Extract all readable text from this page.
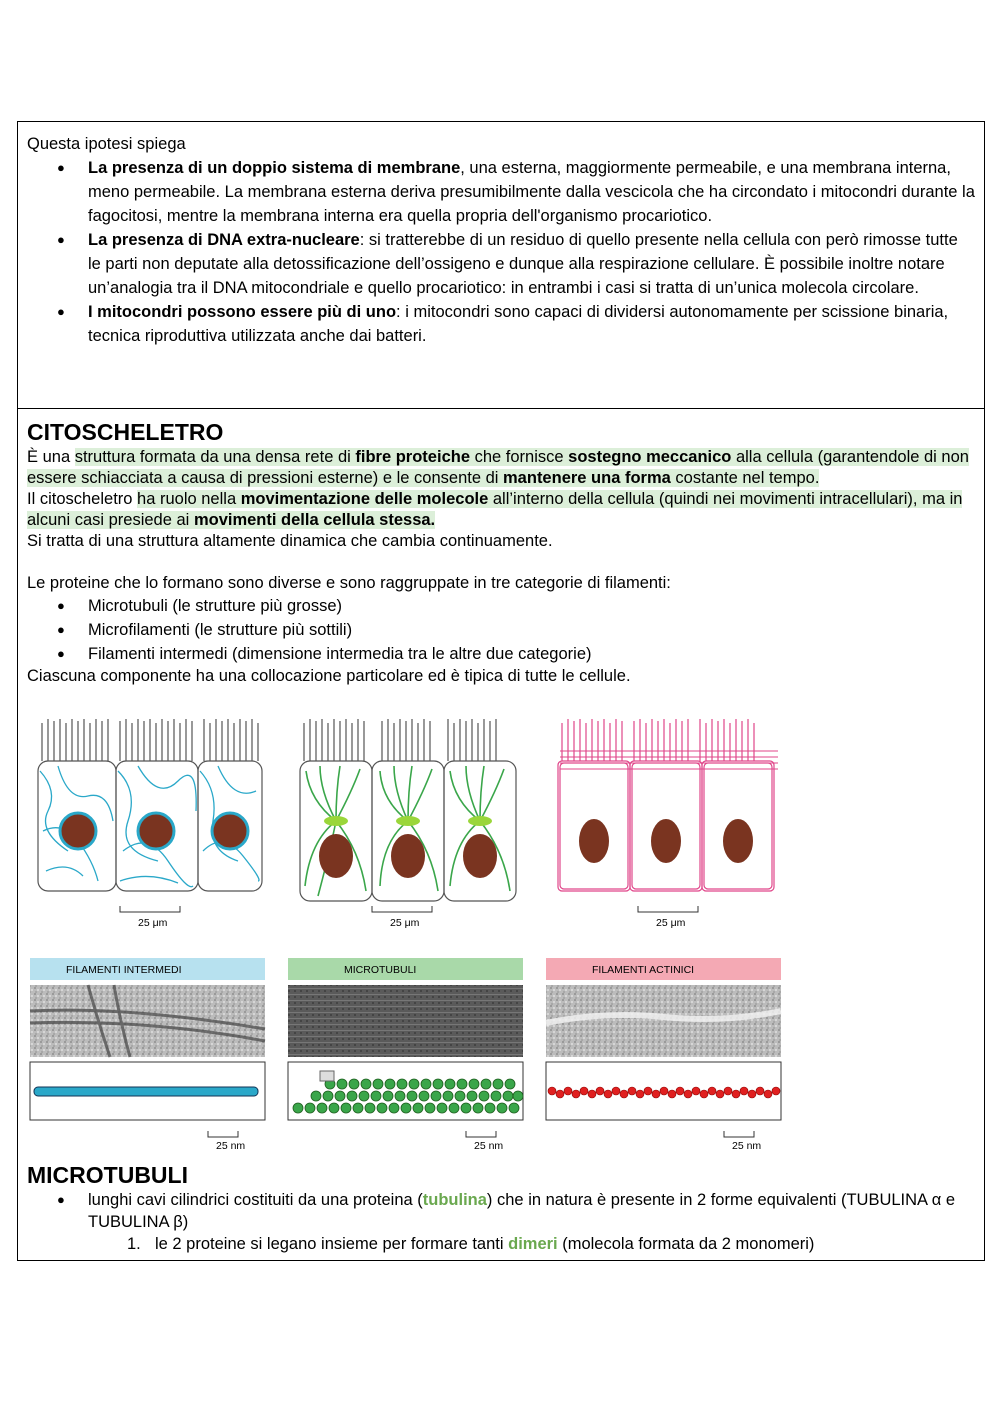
Questa ipotesi spiega

● La presenza di un doppio sistema di membrane, una esterna, maggiormente permeabile, e una membrana interna, meno permeabile. La membrana esterna deriva presumibilmente dalla vescicola che ha circondato i mitocondri durante la fagocitosi, mentre la membrana interna era quella propria dell'organismo procariotico.
● La presenza di DNA extra-nucleare: si tratterebbe di un residuo di quello presente nella cellula con però rimosse tutte le parti non deputate alla detossificazione dell’ossigeno e dunque alla respirazione cellulare. È possibile inoltre notare un’analogia tra il DNA mitocondriale e quello procariotico: in entrambi i casi si tratta di un’unica molecola circolare.
● I mitocondri possono essere più di uno: i mitocondri sono capaci di dividersi autonomamente per scissione binaria, tecnica riproduttiva utilizzata anche dai batteri.
CITOSCHELETRO

È una struttura formata da una densa rete di fibre proteiche che fornisce sostegno meccanico alla cellula (garantendole di non essere schiacciata a causa di pressioni esterne) e le consente di mantenere una forma costante nel tempo.

Il citoscheletro ha ruolo nella movimentazione delle molecole all’interno della cellula (quindi nei movimenti intracellulari), ma in alcuni casi presiede ai movimenti della cellula stessa.

Si tratta di una struttura altamente dinamica che cambia continuamente.

Le proteine che lo formano sono diverse e sono raggruppate in tre categorie di filamenti:

● Microtubuli (le strutture più grosse)
● Microfilamenti (le strutture più sottili)
● Filamenti intermedi (dimensione intermedia tra le altre due categorie)

Ciascuna componente ha una collocazione particolare ed è tipica di tutte le cellule.

25 μm	25 μm	25 μm
FILAMENTI INTERMEDI	MICROTUBULI	FILAMENTI ACTINICI
25 nm	25 nm	25 nm
MICROTUBULI
● lunghi cavi cilindrici costituiti da una proteina (tubulina) che in natura è presente in 2 forme equivalenti (TUBULINA α e TUBULINA β)
1. le 2 proteine si legano insieme per formare tanti dimeri (molecola formata da 2 monomeri)
